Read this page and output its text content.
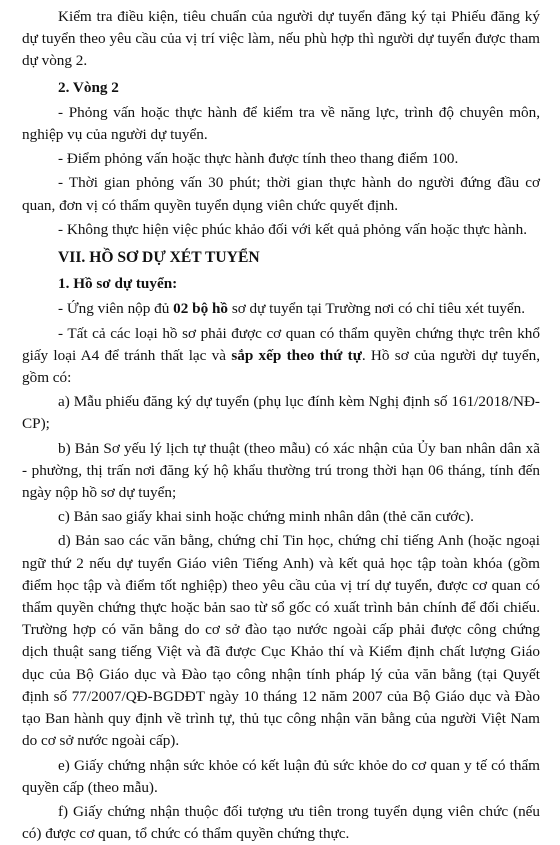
Kiểm tra điều kiện, tiêu chuẩn của người dự tuyển đăng ký tại Phiếu đăng ký dự tuyển theo yêu cầu của vị trí việc làm, nếu phù hợp thì người dự tuyển được tham dự vòng 2.

2. Vòng 2

- Phỏng vấn hoặc thực hành để kiểm tra về năng lực, trình độ chuyên môn, nghiệp vụ của người dự tuyển.

- Điểm phỏng vấn hoặc thực hành được tính theo thang điểm 100.

- Thời gian phỏng vấn 30 phút; thời gian thực hành do người đứng đầu cơ quan, đơn vị có thẩm quyền tuyển dụng viên chức quyết định.

- Không thực hiện việc phúc khảo đối với kết quả phỏng vấn hoặc thực hành.

VII. HỒ SƠ DỰ XÉT TUYỂN

1. Hồ sơ dự tuyển:

- Ứng viên nộp đủ 02 bộ hồ sơ dự tuyển tại Trường nơi có chỉ tiêu xét tuyển.

- Tất cả các loại hồ sơ phải được cơ quan có thẩm quyền chứng thực trên khổ giấy loại A4 để tránh thất lạc và sắp xếp theo thứ tự. Hồ sơ của người dự tuyển, gồm có:

a) Mẫu phiếu đăng ký dự tuyển (phụ lục đính kèm Nghị định số 161/2018/NĐ-CP);

b) Bản Sơ yếu lý lịch tự thuật (theo mẫu) có xác nhận của Ủy ban nhân dân xã - phường, thị trấn nơi đăng ký hộ khẩu thường trú trong thời hạn 06 tháng, tính đến ngày nộp hồ sơ dự tuyển;

c) Bản sao giấy khai sinh hoặc chứng minh nhân dân (thẻ căn cước).

d) Bản sao các văn bằng, chứng chỉ Tin học, chứng chỉ tiếng Anh (hoặc ngoại ngữ thứ 2 nếu dự tuyển Giáo viên Tiếng Anh) và kết quả học tập toàn khóa (gồm điểm học tập và điểm tốt nghiệp) theo yêu cầu của vị trí dự tuyển, được cơ quan có thẩm quyền chứng thực hoặc bản sao từ sổ gốc có xuất trình bản chính để đối chiếu. Trường hợp có văn bằng do cơ sở đào tạo nước ngoài cấp phải được công chứng dịch thuật sang tiếng Việt và đã được Cục Khảo thí và Kiểm định chất lượng Giáo dục của Bộ Giáo dục và Đào tạo công nhận tính pháp lý của văn bằng (tại Quyết định số 77/2007/QĐ-BGDĐT ngày 10 tháng 12 năm 2007 của Bộ Giáo dục và Đào tạo Ban hành quy định về trình tự, thủ tục công nhận văn bằng của người Việt Nam do cơ sở nước ngoài cấp).

e) Giấy chứng nhận sức khỏe có kết luận đủ sức khỏe do cơ quan y tế có thẩm quyền cấp (theo mẫu).

f) Giấy chứng nhận thuộc đối tượng ưu tiên trong tuyển dụng viên chức (nếu có) được cơ quan, tổ chức có thẩm quyền chứng thực.
